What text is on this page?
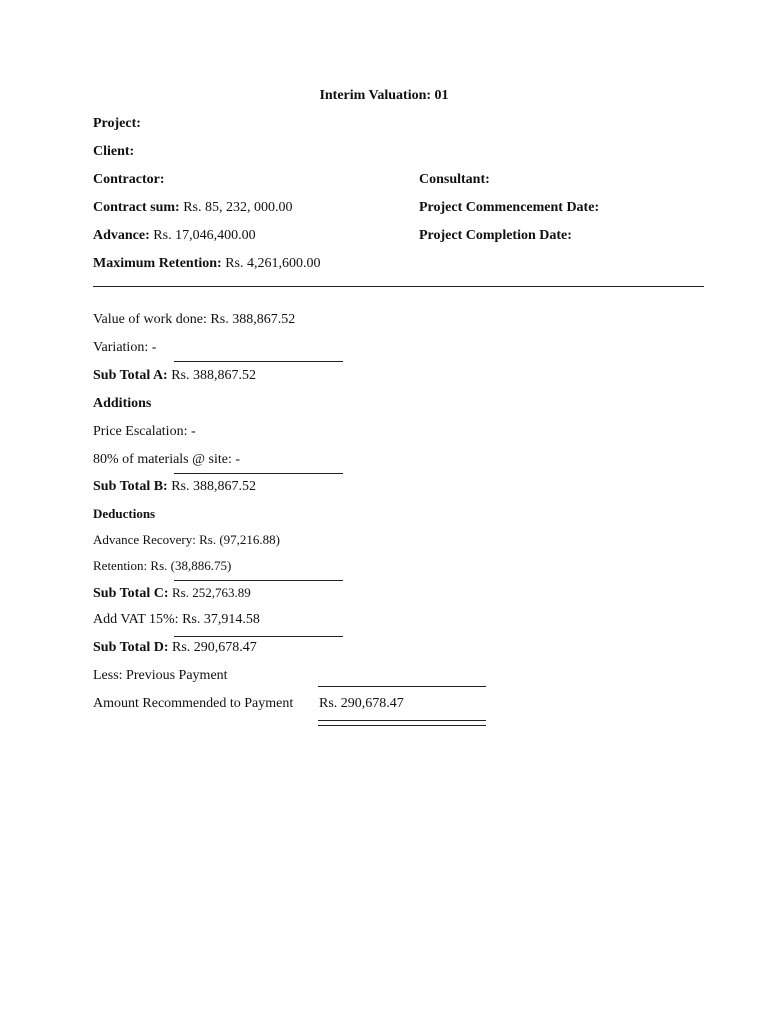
Interim Valuation: 01
Project:
Client:
Contractor:	Consultant:
Contract sum: Rs. 85, 232, 000.00	Project Commencement Date:
Advance: Rs. 17,046,400.00	Project Completion Date:
Maximum Retention: Rs. 4,261,600.00
Value of work done: Rs. 388,867.52
Variation: -
Sub Total A: Rs. 388,867.52
Additions
Price Escalation: -
80% of materials @ site: -
Sub Total B: Rs. 388,867.52
Deductions
Advance Recovery: Rs. (97,216.88)
Retention: Rs. (38,886.75)
Sub Total C: Rs. 252,763.89
Add VAT 15%: Rs. 37,914.58
Sub Total D: Rs. 290,678.47
Less: Previous Payment
Amount Recommended to Payment Rs. 290,678.47
